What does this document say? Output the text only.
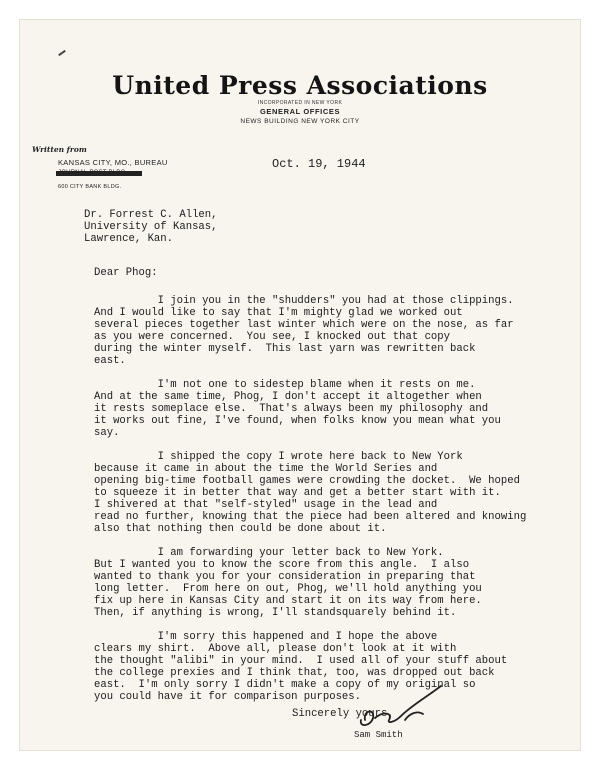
United Press Associations
INCORPORATED IN NEW YORK
GENERAL OFFICES
NEWS BUILDING NEW YORK CITY
Written from
KANSAS CITY, MO., BUREAU
600 CITY BANK BLDG.
Oct. 19, 1944
Dr. Forrest C. Allen,
University of Kansas,
Lawrence, Kan.
Dear Phog:
Sincerely yours,
Sam Smith
I join you in the "shudders" you had at those clippings.
And I would like to say that I'm mighty glad we worked out
several pieces together last winter which were on the nose, as far
as you were concerned.  You see, I knocked out that copy
during the winter myself.  This last yarn was rewritten back
east.
I'm not one to sidestep blame when it rests on me.
And at the same time, Phog, I don't accept it altogether when
it rests someplace else.  That's always been my philosophy and
it works out fine, I've found, when folks know you mean what you
say.
I shipped the copy I wrote here back to New York
because it came in about the time the World Series and
opening big-time football games were crowding the docket.  We hoped
to squeeze it in better that way and get a better start with it.
I shivered at that "self-styled" usage in the lead and
read no further, knowing that the piece had been altered and knowing
also that nothing then could be done about it.
I am forwarding your letter back to New York.
But I wanted you to know the score from this angle.  I also
wanted to thank you for your consideration in preparing that
long letter.  From here on out, Phog, we'll hold anything you
fix up here in Kansas City and start it on its way from here.
Then, if anything is wrong, I'll standsquarely behind it.
I'm sorry this happened and I hope the above
clears my shirt.  Above all, please don't look at it with
the thought "alibi" in your mind.  I used all of your stuff about
the college prexies and I think that, too, was dropped out back
east.  I'm only sorry I didn't make a copy of my original so
you could have it for comparison purposes.
